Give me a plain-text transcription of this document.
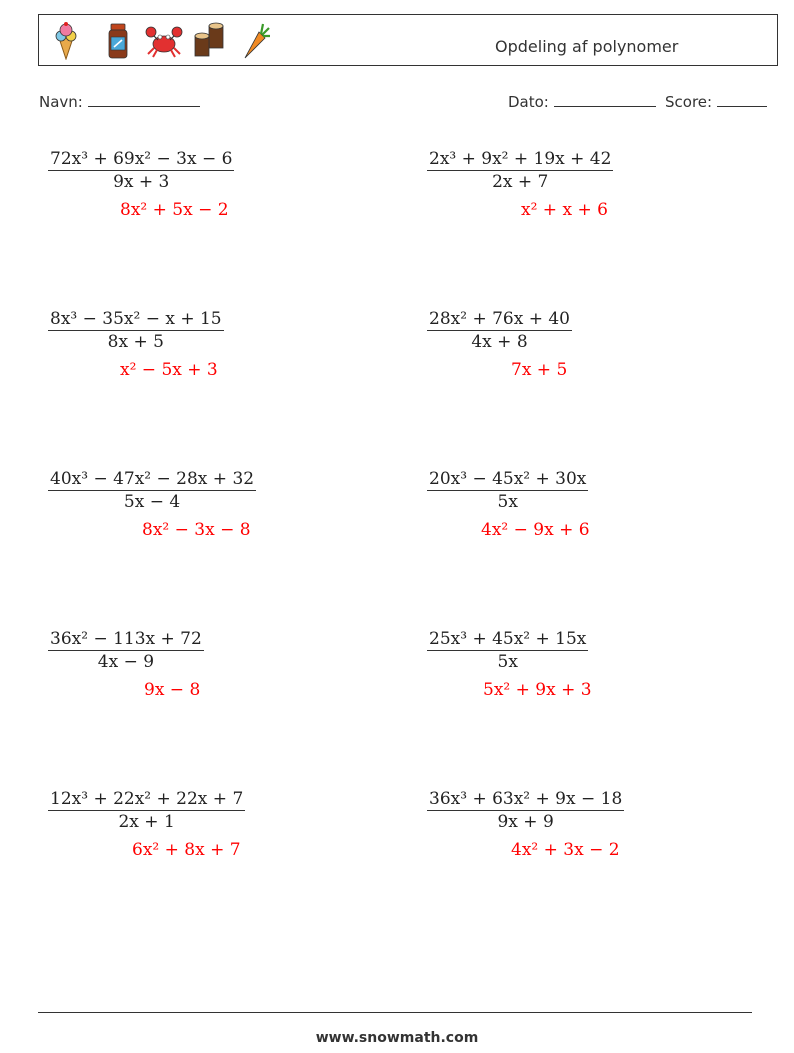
Opdeling af polynomer
Navn:	Dato:	Score:
$\frac{\text{72x³ + 69x² − 3x − 6}}{9x + 3}$
8x² + 5x − 2
$\frac{\text{2x³ + 9x² + 19x + 42}}{2x + 7}$
x² + x + 6
$\frac{\text{8x³ − 35x² − x + 15}}{8x + 5}$
x² − 5x + 3
$\frac{\text{28x² + 76x + 40}}{4x + 8}$
7x + 5
$\frac{\text{40x³ − 47x² − 28x + 32}}{5x - 4}$
8x² − 3x − 8
$\frac{\text{20x³ − 45x² + 30x}}{5x}$
4x² − 9x + 6
$\frac{\text{36x² − 113x + 72}}{4x - 9}$
9x − 8
$\frac{\text{25x³ + 45x² + 15x}}{5x}$
5x² + 9x + 3
$\frac{\text{12x³ + 22x² + 22x + 7}}{2x + 1}$
6x² + 8x + 7
$\frac{\text{36x³ + 63x² + 9x − 18}}{9x + 9}$
4x² + 3x − 2
www.snowmath.com
